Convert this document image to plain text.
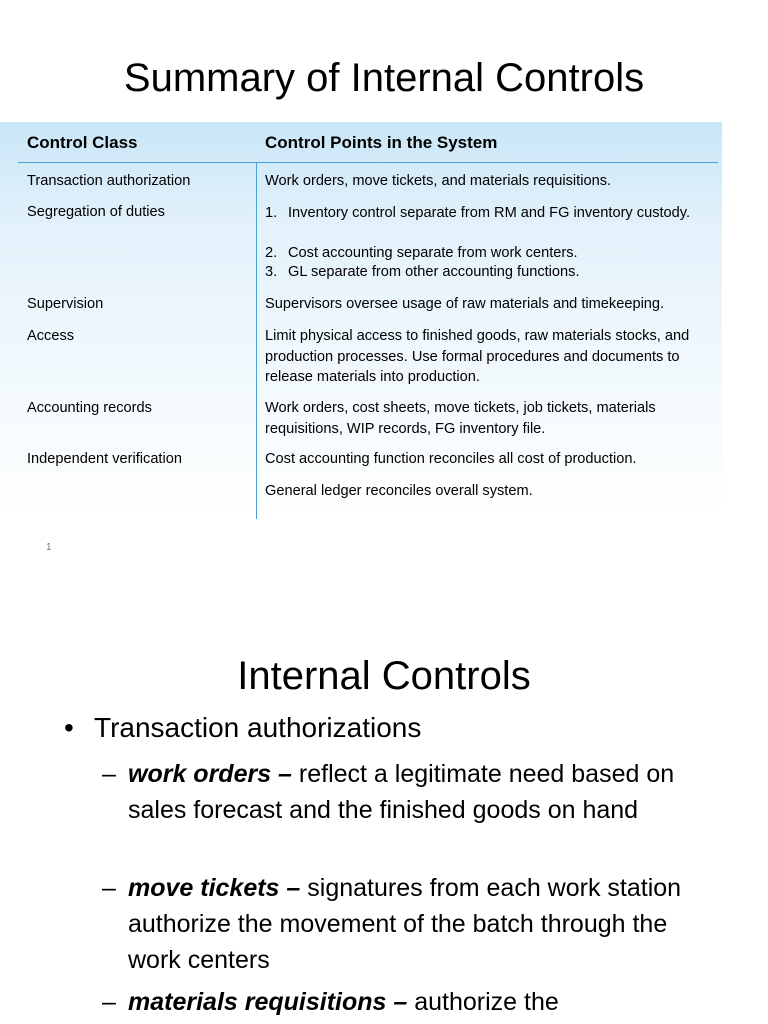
Summary of Internal Controls
Control Class	Control Points in the System
Transaction authorization	Work orders, move tickets, and materials requisitions.
Segregation of duties	1. Inventory control separate from RM and FG inventory custody.
2. Cost accounting separate from work centers.
3. GL separate from other accounting functions.
Supervision	Supervisors oversee usage of raw materials and timekeeping.
Access	Limit physical access to finished goods, raw materials stocks, and production processes. Use formal procedures and documents to release materials into production.
Accounting records	Work orders, cost sheets, move tickets, job tickets, materials requisitions, WIP records, FG inventory file.
Independent verification	Cost accounting function reconciles all cost of production.
General ledger reconciles overall system.
1
Internal Controls
• Transaction authorizations
– work orders – reflect a legitimate need based on sales forecast and the finished goods on hand
– move tickets – signatures from each work station authorize the movement of the batch through the work centers
– materials requisitions – authorize the
